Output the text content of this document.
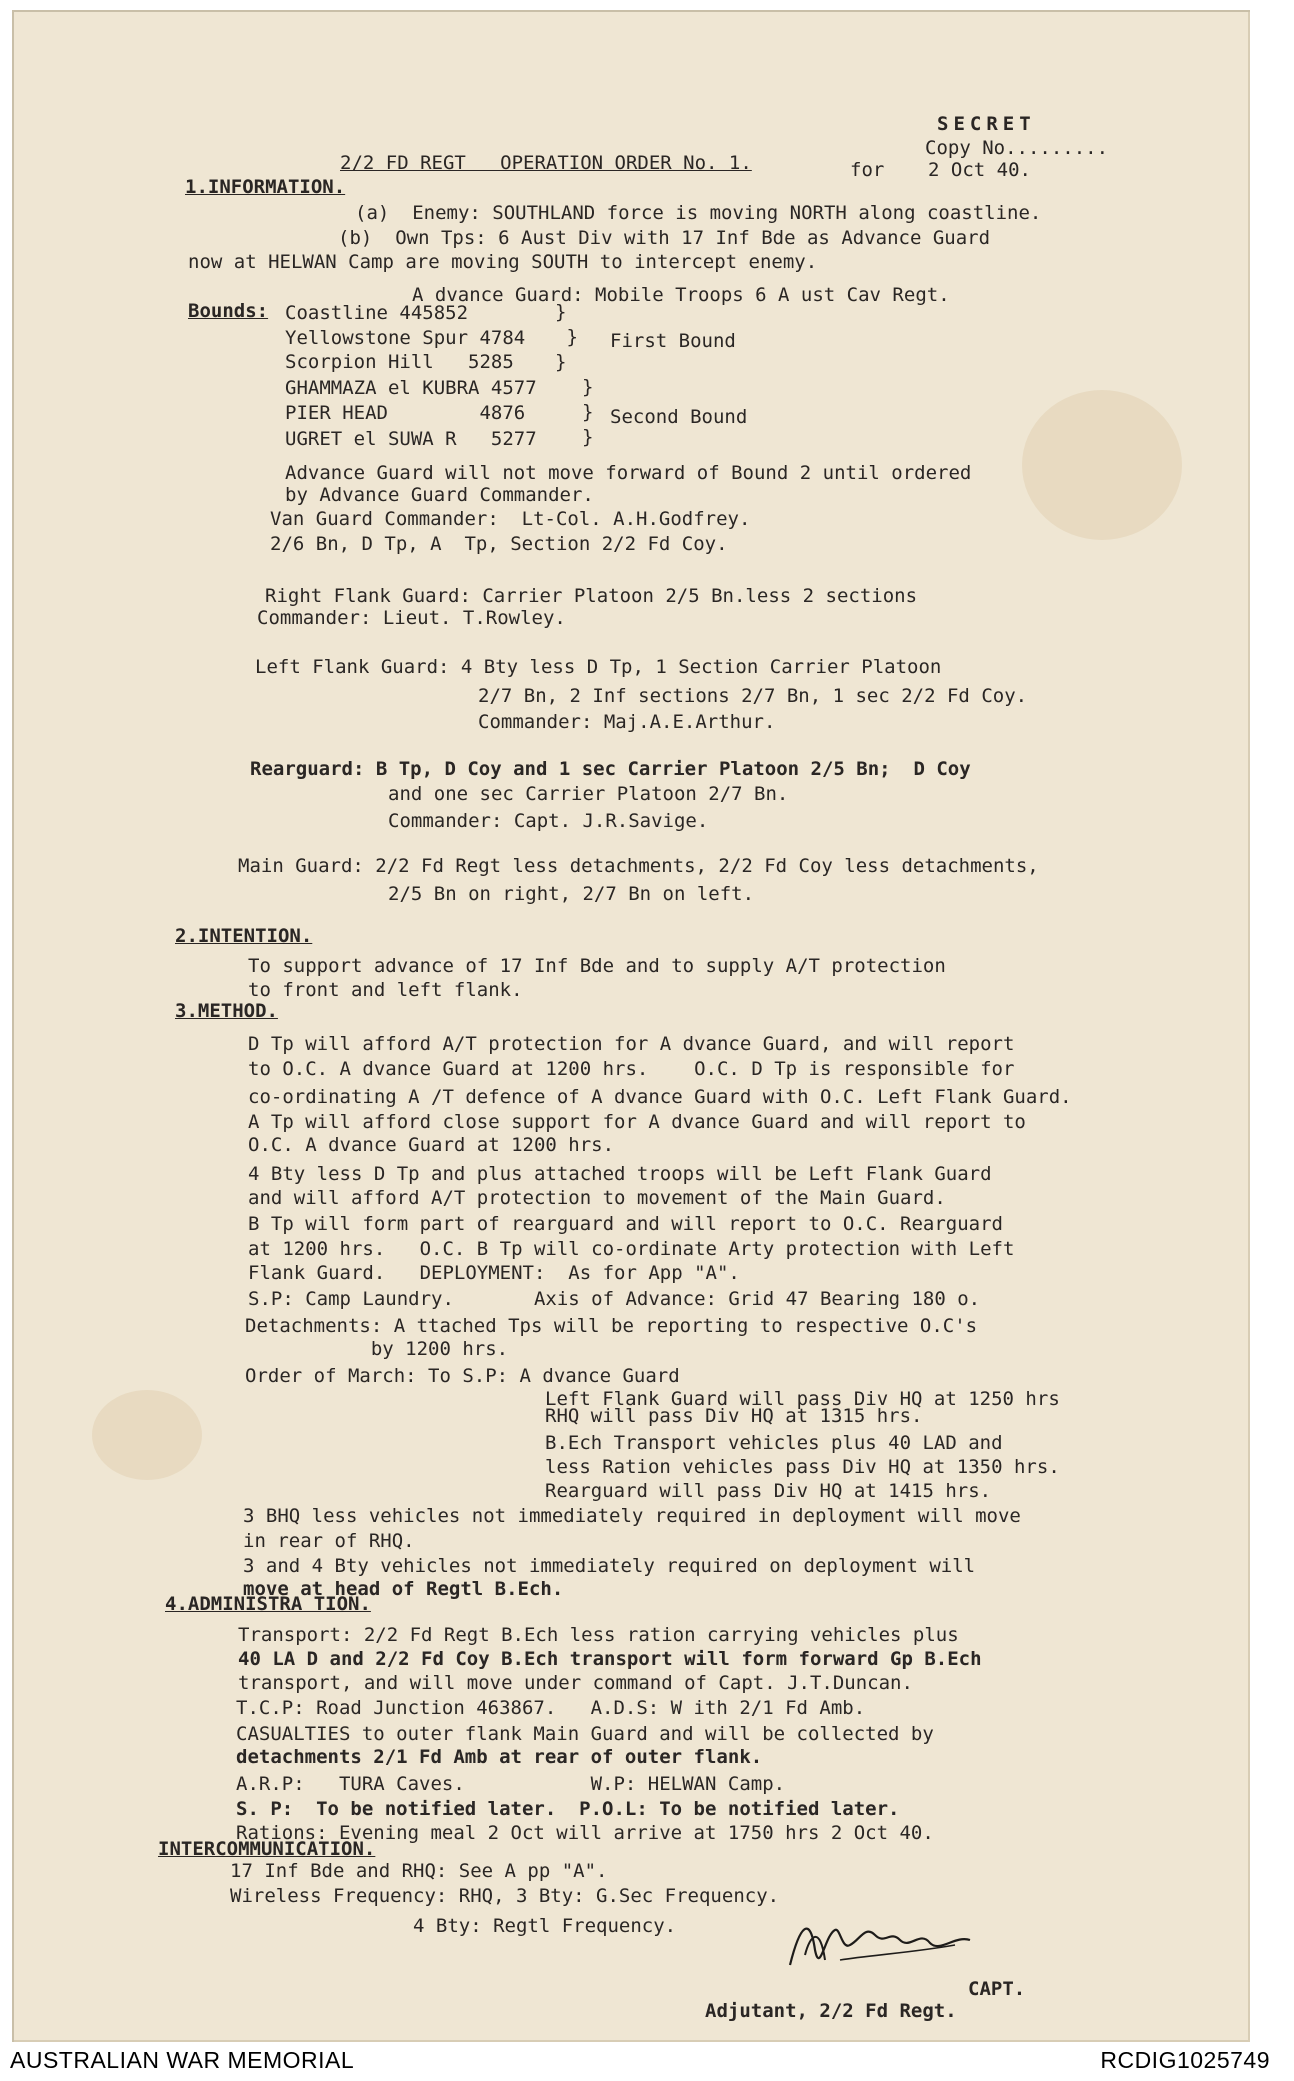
SECRET
Copy No.........
2/2 FD REGT   OPERATION ORDER No. 1.	for 2 Oct 40.
1.INFORMATION.
(a)  Enemy: SOUTHLAND force is moving NORTH along coastline.
(b)  Own Tps: 6 Aust Div with 17 Inf Bde as Advance Guard
now at HELWAN Camp are moving SOUTH to intercept enemy.
A dvance Guard: Mobile Troops 6 A ust Cav Regt.
Bounds: Coastline 445852
Yellowstone Spur 4784
Scorpion Hill   5285
GHAMMAZA el KUBRA 4577
PIER HEAD        4876
UGRET el SUWA R   5277
}
}
}
}
}
}
First Bound
Second Bound
Advance Guard will not move forward of Bound 2 until ordered
by Advance Guard Commander.
Van Guard Commander:  Lt-Col. A.H.Godfrey.
2/6 Bn, D Tp, A  Tp, Section 2/2 Fd Coy.
Right Flank Guard: Carrier Platoon 2/5 Bn.less 2 sections
Commander: Lieut. T.Rowley.
Left Flank Guard: 4 Bty less D Tp, 1 Section Carrier Platoon
2/7 Bn, 2 Inf sections 2/7 Bn, 1 sec 2/2 Fd Coy.
Commander: Maj.A.E.Arthur.
Rearguard: B Tp, D Coy and 1 sec Carrier Platoon 2/5 Bn;  D Coy
and one sec Carrier Platoon 2/7 Bn.
Commander: Capt. J.R.Savige.
Main Guard: 2/2 Fd Regt less detachments, 2/2 Fd Coy less detachments,
2/5 Bn on right, 2/7 Bn on left.
2.INTENTION.
To support advance of 17 Inf Bde and to supply A/T protection
to front and left flank.
3.METHOD.
D Tp will afford A/T protection for A dvance Guard, and will report
to O.C. A dvance Guard at 1200 hrs.    O.C. D Tp is responsible for
co-ordinating A /T defence of A dvance Guard with O.C. Left Flank Guard.
A Tp will afford close support for A dvance Guard and will report to
O.C. A dvance Guard at 1200 hrs.
4 Bty less D Tp and plus attached troops will be Left Flank Guard
and will afford A/T protection to movement of the Main Guard.
B Tp will form part of rearguard and will report to O.C. Rearguard
at 1200 hrs.   O.C. B Tp will co-ordinate Arty protection with Left
Flank Guard.   DEPLOYMENT:  As for App "A".
S.P: Camp Laundry.       Axis of Advance: Grid 47 Bearing 180 o.
Detachments: A ttached Tps will be reporting to respective O.C's
by 1200 hrs.
Order of March: To S.P: A dvance Guard
Left Flank Guard will pass Div HQ at 1250 hrs
RHQ will pass Div HQ at 1315 hrs.
B.Ech Transport vehicles plus 40 LAD and
less Ration vehicles pass Div HQ at 1350 hrs.
Rearguard will pass Div HQ at 1415 hrs.
3 BHQ less vehicles not immediately required in deployment will move
in rear of RHQ.
3 and 4 Bty vehicles not immediately required on deployment will
move at head of Regtl B.Ech.
4.ADMINISTRA TION.
Transport: 2/2 Fd Regt B.Ech less ration carrying vehicles plus
40 LA D and 2/2 Fd Coy B.Ech transport will form forward Gp B.Ech
transport, and will move under command of Capt. J.T.Duncan.
T.C.P: Road Junction 463867.   A.D.S: W ith 2/1 Fd Amb.
CASUALTIES to outer flank Main Guard and will be collected by
detachments 2/1 Fd Amb at rear of outer flank.
A.R.P:   TURA Caves.           W.P: HELWAN Camp.
S. P:  To be notified later.  P.O.L: To be notified later.
Rations: Evening meal 2 Oct will arrive at 1750 hrs 2 Oct 40.
INTERCOMMUNICATION.
17 Inf Bde and RHQ: See A pp "A".
Wireless Frequency: RHQ, 3 Bty: G.Sec Frequency.
4 Bty: Regtl Frequency.
CAPT.
Adjutant, 2/2 Fd Regt.
AUSTRALIAN WAR MEMORIAL	RCDIG1025749
